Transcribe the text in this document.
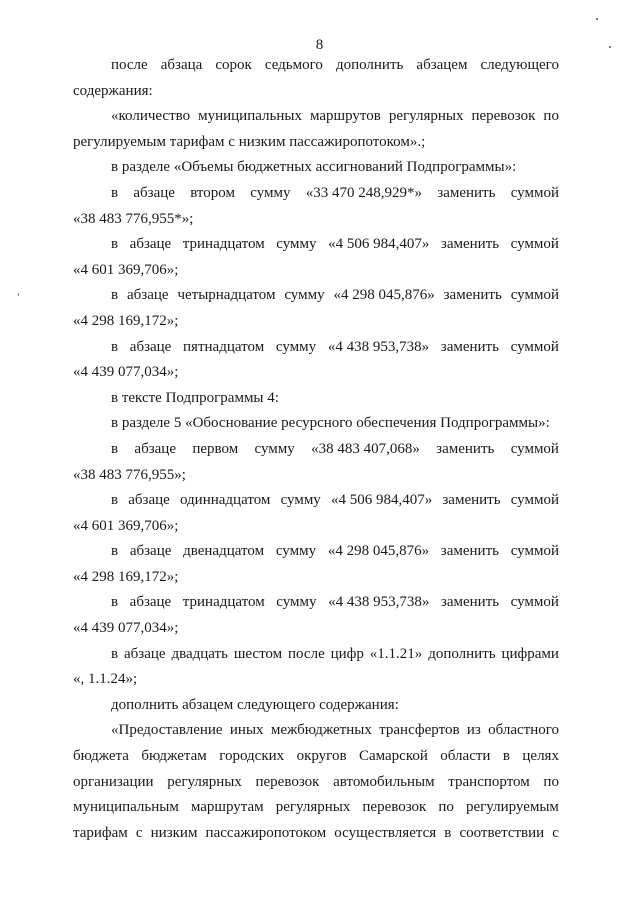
8
после абзаца сорок седьмого дополнить абзацем следующего
содержания:
«количество муниципальных маршрутов регулярных перевозок по
регулируемым тарифам с низким пассажиропотоком».;
в разделе «Объемы бюджетных ассигнований Подпрограммы»:
в абзаце втором сумму «33 470 248,929*» заменить суммой
«38 483 776,955*»;
в абзаце тринадцатом сумму «4 506 984,407» заменить суммой
«4 601 369,706»;
в абзаце четырнадцатом сумму «4 298 045,876» заменить суммой
«4 298 169,172»;
в абзаце пятнадцатом сумму «4 438 953,738» заменить суммой
«4 439 077,034»;
в тексте Подпрограммы 4:
в разделе 5 «Обоснование ресурсного обеспечения Подпрограммы»:
в абзаце первом сумму «38 483 407,068» заменить суммой
«38 483 776,955»;
в абзаце одиннадцатом сумму «4 506 984,407» заменить суммой
«4 601 369,706»;
в абзаце двенадцатом сумму «4 298 045,876» заменить суммой
«4 298 169,172»;
в абзаце тринадцатом сумму «4 438 953,738» заменить суммой
«4 439 077,034»;
в абзаце двадцать шестом после цифр «1.1.21» дополнить цифрами
«, 1.1.24»;
дополнить абзацем следующего содержания:
«Предоставление иных межбюджетных трансфертов из областного
бюджета бюджетам городских округов Самарской области в целях
организации регулярных перевозок автомобильным транспортом по
муниципальным маршрутам регулярных перевозок по регулируемым
тарифам с низким пассажиропотоком осуществляется в соответствии с
